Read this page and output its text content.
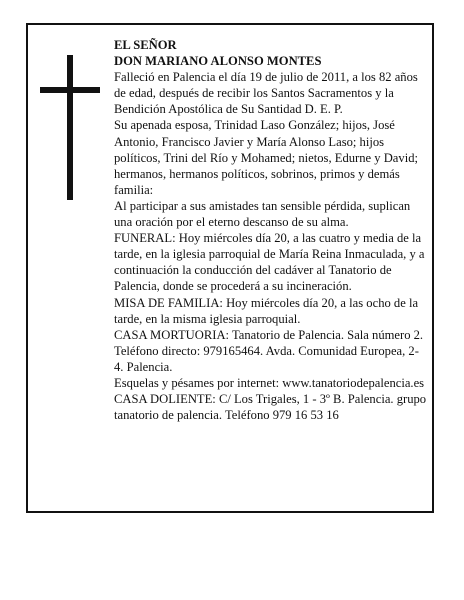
EL SEÑOR

DON MARIANO ALONSO MONTES

Falleció en Palencia el día 19 de julio de 2011, a los 82 años de edad, después de recibir los Santos Sacramentos y la Bendición Apostólica de Su Santidad D. E. P.

Su apenada esposa, Trinidad Laso González; hijos, José Antonio, Francisco Javier y María Alonso Laso; hijos políticos, Trini del Río y Mohamed; nietos, Edurne y David; hermanos, hermanos políticos, sobrinos, primos y demás familia:

Al participar a sus amistades tan sensible pérdida, suplican una oración por el eterno descanso de su alma.

FUNERAL: Hoy miércoles día 20, a las cuatro y media de la tarde, en la iglesia parroquial de María Reina Inmaculada, y a continuación la conducción del cadáver al Tanatorio de Palencia, donde se procederá a su incineración.

MISA DE FAMILIA: Hoy miércoles día 20, a las ocho de la tarde, en la misma iglesia parroquial.

CASA MORTUORIA: Tanatorio de Palencia. Sala número 2. Teléfono directo: 979165464. Avda. Comunidad Europea, 2-4. Palencia.

Esquelas y pésames por internet: www.tanatoriodepalencia.es

CASA DOLIENTE: C/ Los Trigales, 1 - 3º B. Palencia. grupo tanatorio de palencia. Teléfono 979 16 53 16
